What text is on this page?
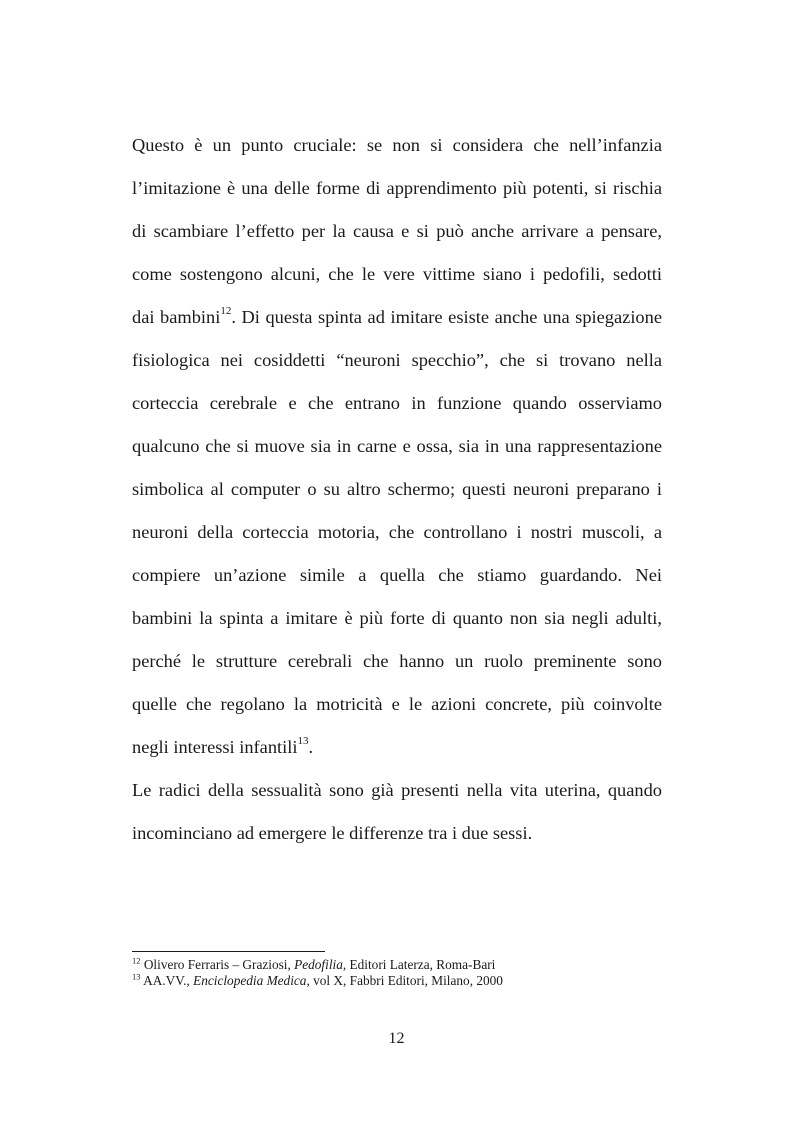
Questo è un punto cruciale: se non si considera che nell’infanzia
l’imitazione è una delle forme di apprendimento più potenti, si rischia
di scambiare l’effetto per la causa e si può anche arrivare a pensare,
come sostengono alcuni, che le vere vittime siano i pedofili, sedotti
dai bambini$^{12}$. Di questa spinta ad imitare esiste anche una spiegazione
fisiologica nei cosiddetti “neuroni specchio”, che si trovano nella
corteccia cerebrale e che entrano in funzione quando osserviamo
qualcuno che si muove sia in carne e ossa, sia in una rappresentazione
simbolica al computer o su altro schermo; questi neuroni preparano i
neuroni della corteccia motoria, che controllano i nostri muscoli, a
compiere un’azione simile a quella che stiamo guardando. Nei
bambini la spinta a imitare è più forte di quanto non sia negli adulti,
perché le strutture cerebrali che hanno un ruolo preminente sono
quelle che regolano la motricità e le azioni concrete, più coinvolte
negli interessi infantili$^{13}$.
Le radici della sessualità sono già presenti nella vita uterina, quando
incominciano ad emergere le differenze tra i due sessi.
$^{12}$ Olivero Ferraris – Graziosi, Pedofilia, Editori Laterza, Roma-Bari
$^{13}$ AA.VV., Enciclopedia Medica, vol X, Fabbri Editori, Milano, 2000
12
